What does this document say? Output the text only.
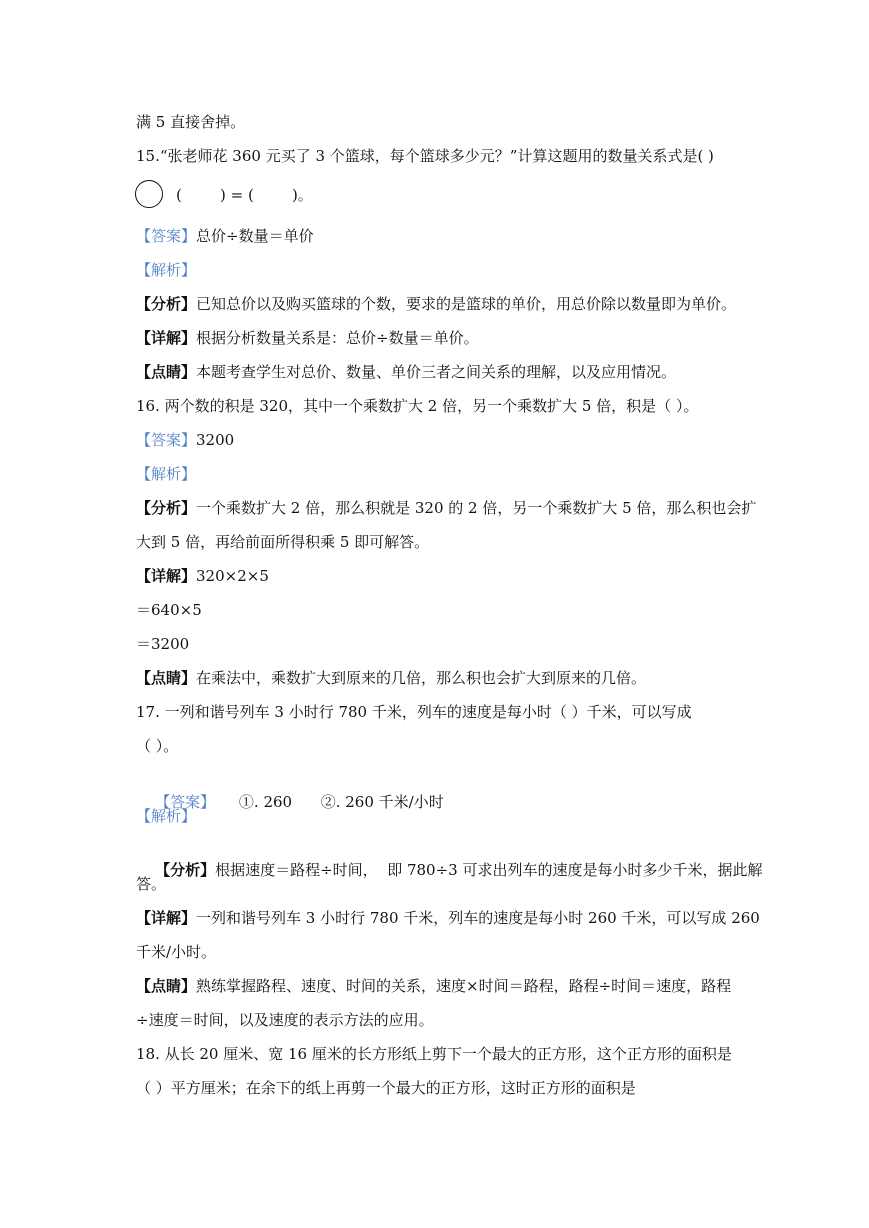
满 5 直接舍掉。
15.“张老师花 360 元买了 3 个篮球，每个篮球多少元？”计算这题用的数量关系式是( )
(        ) = (        )。
【答案】总价÷数量＝单价
【解析】
【分析】已知总价以及购买篮球的个数，要求的是篮球的单价，用总价除以数量即为单价。
【详解】根据分析数量关系是：总价÷数量＝单价。
【点睛】本题考查学生对总价、数量、单价三者之间关系的理解，以及应用情况。
16. 两个数的积是 320，其中一个乘数扩大 2 倍，另一个乘数扩大 5 倍，积是（ ）。
【答案】3200
【解析】
【分析】一个乘数扩大 2 倍，那么积就是 320 的 2 倍，另一个乘数扩大 5 倍，那么积也会扩
大到 5 倍，再给前面所得积乘 5 即可解答。
【详解】320×2×5
＝640×5
＝3200
【点睛】在乘法中，乘数扩大到原来的几倍，那么积也会扩大到原来的几倍。
17. 一列和谐号列车 3 小时行 780 千米，列车的速度是每小时（ ）千米，可以写成
（ ）。

【答案】     ①. 260      ②. 260 千米/小时

【解析】

【分析】根据速度＝路程÷时间，  即 780÷3 可求出列车的速度是每小时多少千米，据此解

答。
【详解】一列和谐号列车 3 小时行 780 千米，列车的速度是每小时 260 千米，可以写成 260
千米/小时。
【点睛】熟练掌握路程、速度、时间的关系，速度×时间＝路程，路程÷时间＝速度，路程
÷速度＝时间，以及速度的表示方法的应用。
18. 从长 20 厘米、宽 16 厘米的长方形纸上剪下一个最大的正方形，这个正方形的面积是
（ ）平方厘米；在余下的纸上再剪一个最大的正方形，这时正方形的面积是
